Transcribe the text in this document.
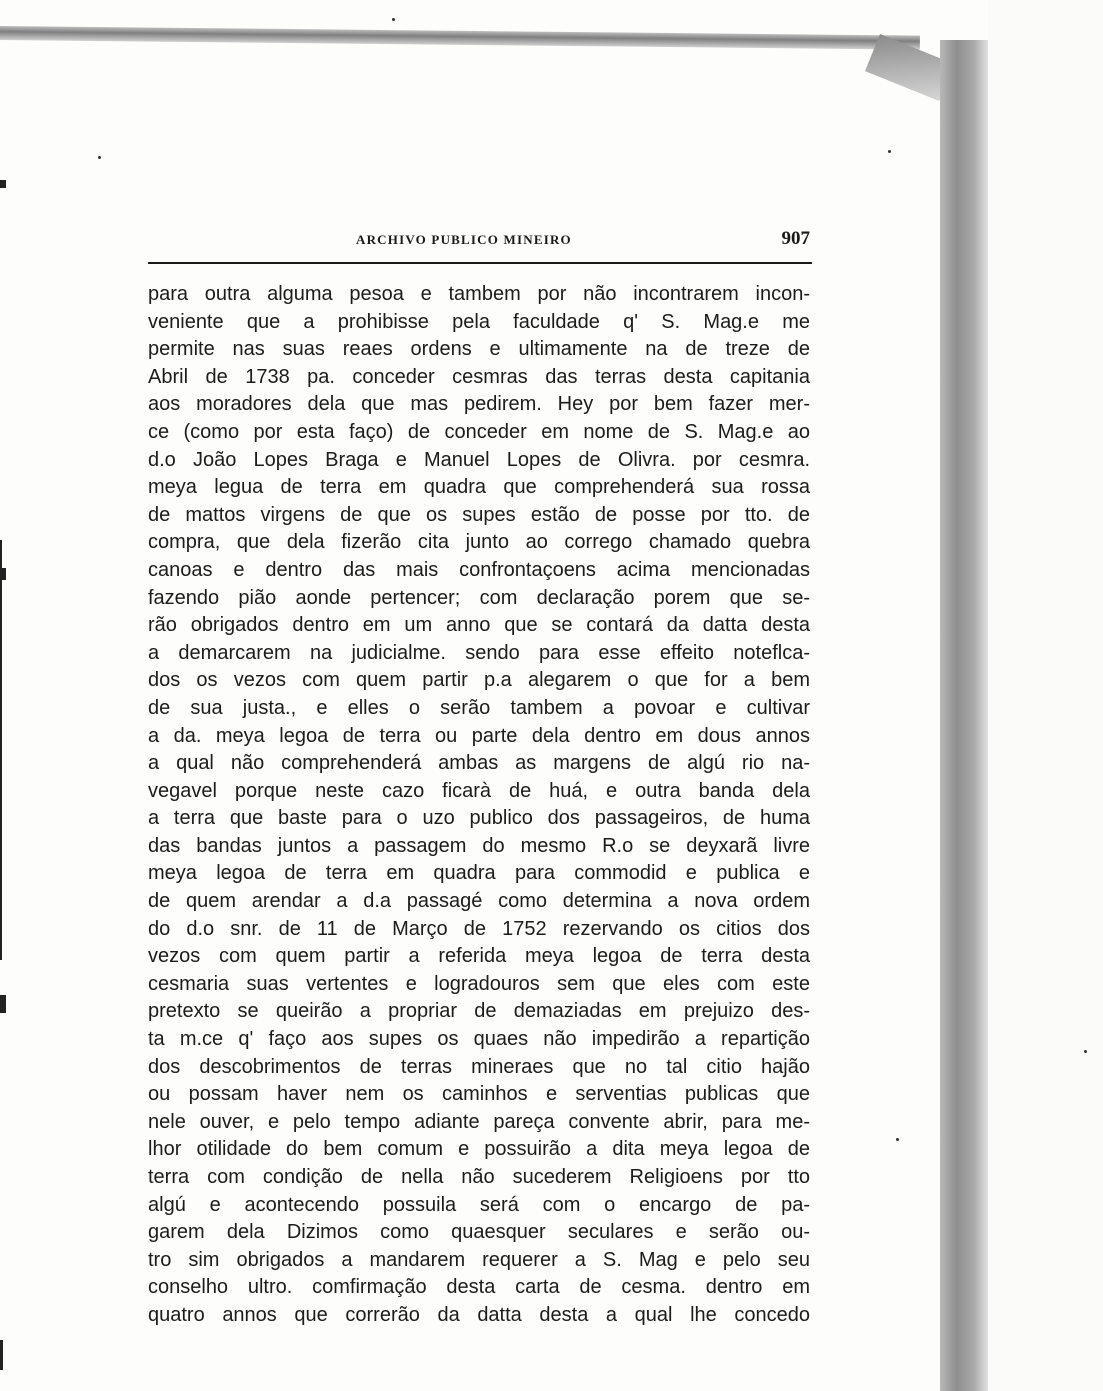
ARCHIVO PUBLICO MINEIRO	907
para outra alguma pesoa e tambem por não incontrarem incon-
veniente que a prohibisse pela faculdade q' S. Mag.e me
permite nas suas reaes ordens e ultimamente na de treze de
Abril de 1738 pa. conceder cesmras das terras desta capitania
aos moradores dela que mas pedirem. Hey por bem fazer mer-
ce (como por esta faço) de conceder em nome de S. Mag.e ao
d.o João Lopes Braga e Manuel Lopes de Olivra. por cesmra.
meya legua de terra em quadra que comprehenderá sua rossa
de mattos virgens de que os supes estão de posse por tto. de
compra, que dela fizerão cita junto ao corrego chamado quebra
canoas e dentro das mais confrontaçoens acima mencionadas
fazendo pião aonde pertencer; com declaração porem que se-
rão obrigados dentro em um anno que se contará da datta desta
a demarcarem na judicialme. sendo para esse effeito noteflca-
dos os vezos com quem partir p.a alegarem o que for a bem
de sua justa., e elles o serão tambem a povoar e cultivar
a da. meya legoa de terra ou parte dela dentro em dous annos
a qual não comprehenderá ambas as margens de algú rio na-
vegavel porque neste cazo ficarà de huá, e outra banda dela
a terra que baste para o uzo publico dos passageiros, de huma
das bandas juntos a passagem do mesmo R.o se deyxarã livre
meya legoa de terra em quadra para commodid e publica e
de quem arendar a d.a passagé como determina a nova ordem
do d.o snr. de 11 de Março de 1752 rezervando os citios dos
vezos com quem partir a referida meya legoa de terra desta
cesmaria suas vertentes e logradouros sem que eles com este
pretexto se queirão a propriar de demaziadas em prejuizo des-
ta m.ce q' faço aos supes os quaes não impedirão a repartição
dos descobrimentos de terras mineraes que no tal citio hajão
ou possam haver nem os caminhos e serventias publicas que
nele ouver, e pelo tempo adiante pareça convente abrir, para me-
lhor otilidade do bem comum e possuirão a dita meya legoa de
terra com condição de nella não sucederem Religioens por tto
algú e acontecendo possuila será com o encargo de pa-
garem dela Dizimos como quaesquer seculares e serão ou-
tro sim obrigados a mandarem requerer a S. Mag e pelo seu
conselho ultro. comfirmação desta carta de cesma. dentro em
quatro annos que correrão da datta desta a qual lhe concedo
